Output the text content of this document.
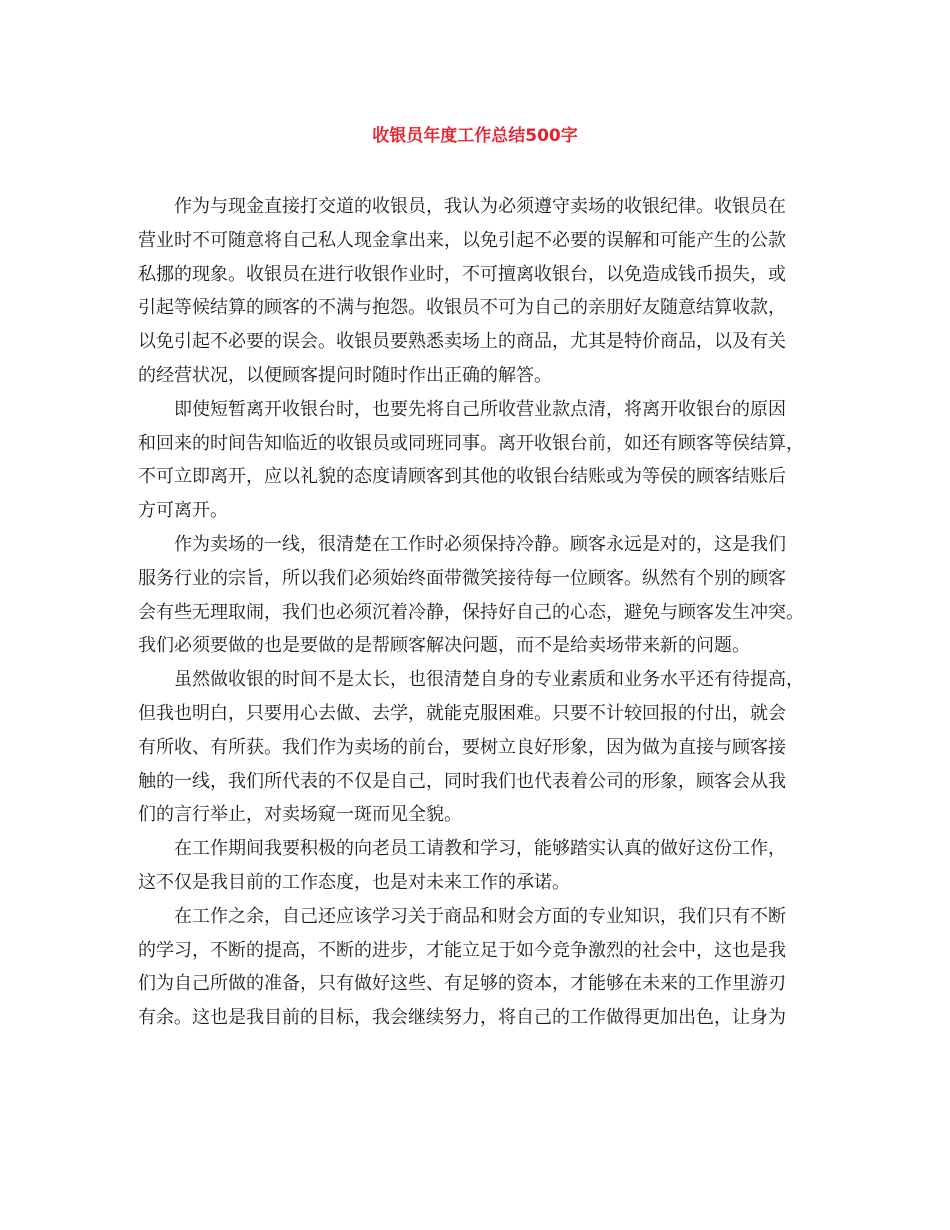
收银员年度工作总结500字

作为与现金直接打交道的收银员，我认为必须遵守卖场的收银纪律。收银员在
营业时不可随意将自己私人现金拿出来，以免引起不必要的误解和可能产生的公款
私挪的现象。收银员在进行收银作业时，不可擅离收银台，以免造成钱币损失，或
引起等候结算的顾客的不满与抱怨。收银员不可为自己的亲朋好友随意结算收款，
以免引起不必要的误会。收银员要熟悉卖场上的商品，尤其是特价商品，以及有关
的经营状况，以便顾客提问时随时作出正确的解答。

即使短暂离开收银台时，也要先将自己所收营业款点清，将离开收银台的原因
和回来的时间告知临近的收银员或同班同事。离开收银台前，如还有顾客等侯结算，
不可立即离开，应以礼貌的态度请顾客到其他的收银台结账或为等侯的顾客结账后
方可离开。

作为卖场的一线，很清楚在工作时必须保持冷静。顾客永远是对的，这是我们
服务行业的宗旨，所以我们必须始终面带微笑接待每一位顾客。纵然有个别的顾客
会有些无理取闹，我们也必须沉着冷静，保持好自己的心态，避免与顾客发生冲突。
我们必须要做的也是要做的是帮顾客解决问题，而不是给卖场带来新的问题。

虽然做收银的时间不是太长，也很清楚自身的专业素质和业务水平还有待提高，
但我也明白，只要用心去做、去学，就能克服困难。只要不计较回报的付出，就会
有所收、有所获。我们作为卖场的前台，要树立良好形象，因为做为直接与顾客接
触的一线，我们所代表的不仅是自己，同时我们也代表着公司的形象，顾客会从我
们的言行举止，对卖场窥一斑而见全貌。

在工作期间我要积极的向老员工请教和学习，能够踏实认真的做好这份工作，
这不仅是我目前的工作态度，也是对未来工作的承诺。

在工作之余，自己还应该学习关于商品和财会方面的专业知识，我们只有不断
的学习，不断的提高，不断的进步，才能立足于如今竞争激烈的社会中，这也是我
们为自己所做的准备，只有做好这些、有足够的资本，才能够在未来的工作里游刃
有余。这也是我目前的目标，我会继续努力，将自己的工作做得更加出色，让身为
